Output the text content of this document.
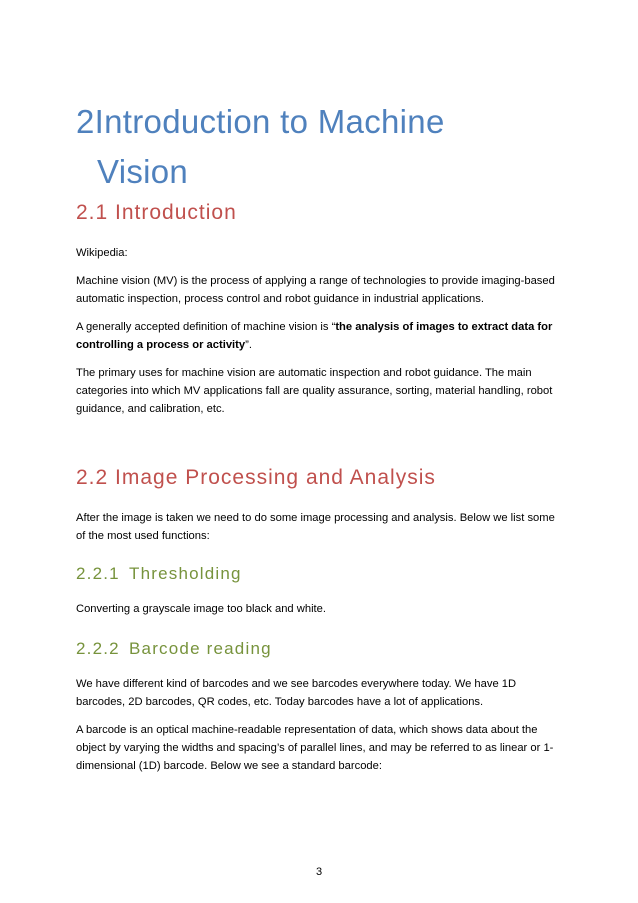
2Introduction to Machine
Vision
2.1 Introduction
Wikipedia:
Machine vision (MV) is the process of applying a range of technologies to provide imaging-based automatic inspection, process control and robot guidance in industrial applications.
A generally accepted definition of machine vision is “the analysis of images to extract data for controlling a process or activity”.
The primary uses for machine vision are automatic inspection and robot guidance. The main categories into which MV applications fall are quality assurance, sorting, material handling, robot guidance, and calibration, etc.
2.2 Image Processing and Analysis
After the image is taken we need to do some image processing and analysis. Below we list some of the most used functions:
2.2.1 Thresholding
Converting a grayscale image too black and white.
2.2.2 Barcode reading
We have different kind of barcodes and we see barcodes everywhere today. We have 1D barcodes, 2D barcodes, QR codes, etc. Today barcodes have a lot of applications.
A barcode is an optical machine-readable representation of data, which shows data about the object by varying the widths and spacing’s of parallel lines, and may be referred to as linear or 1-dimensional (1D) barcode. Below we see a standard barcode:
3
